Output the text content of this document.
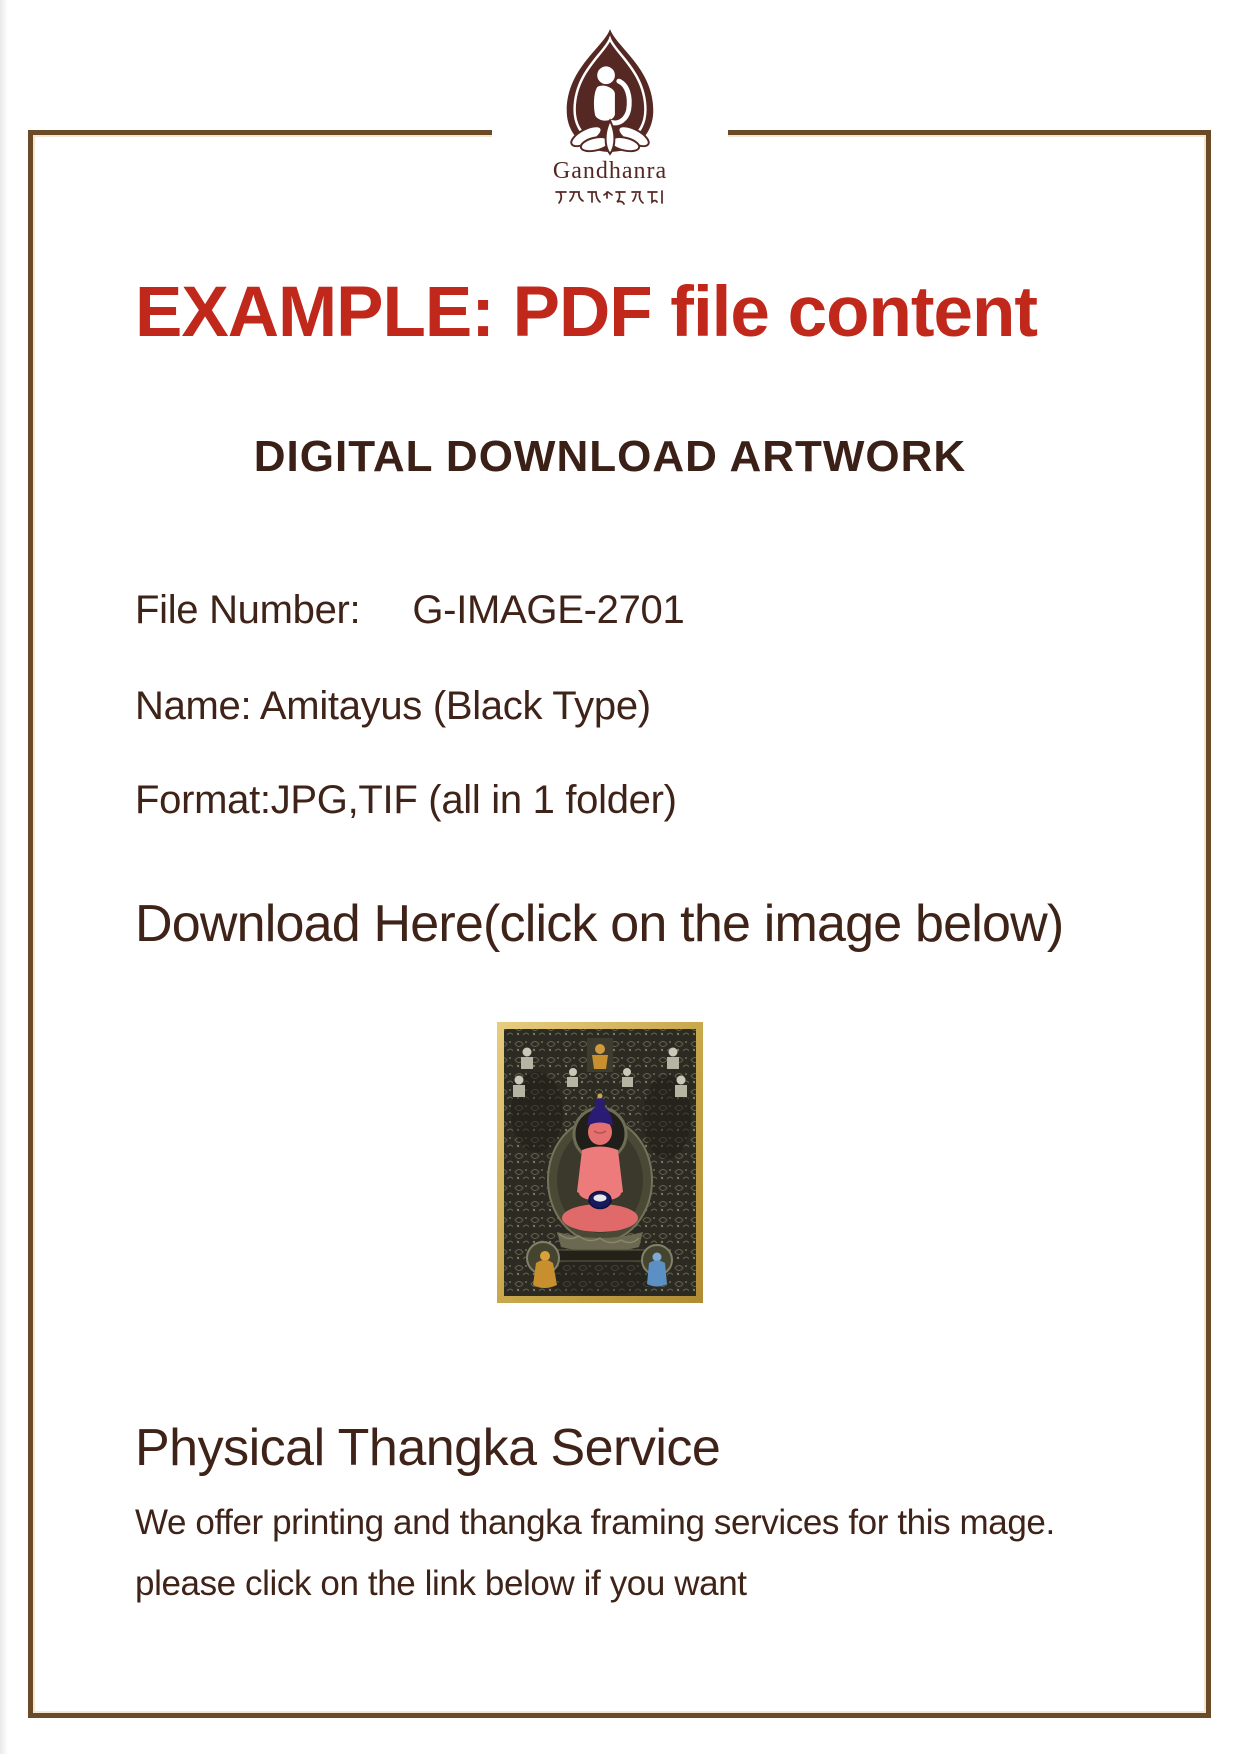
Gandhanra
EXAMPLE: PDF file content
DIGITAL DOWNLOAD ARTWORK
File Number: G-IMAGE-2701
Name: Amitayus (Black Type)
Format:JPG,TIF (all in 1 folder)
Download Here(click on the image below)
Physical Thangka Service
We offer printing and thangka framing services for this mage.
please click on the link below if you want
